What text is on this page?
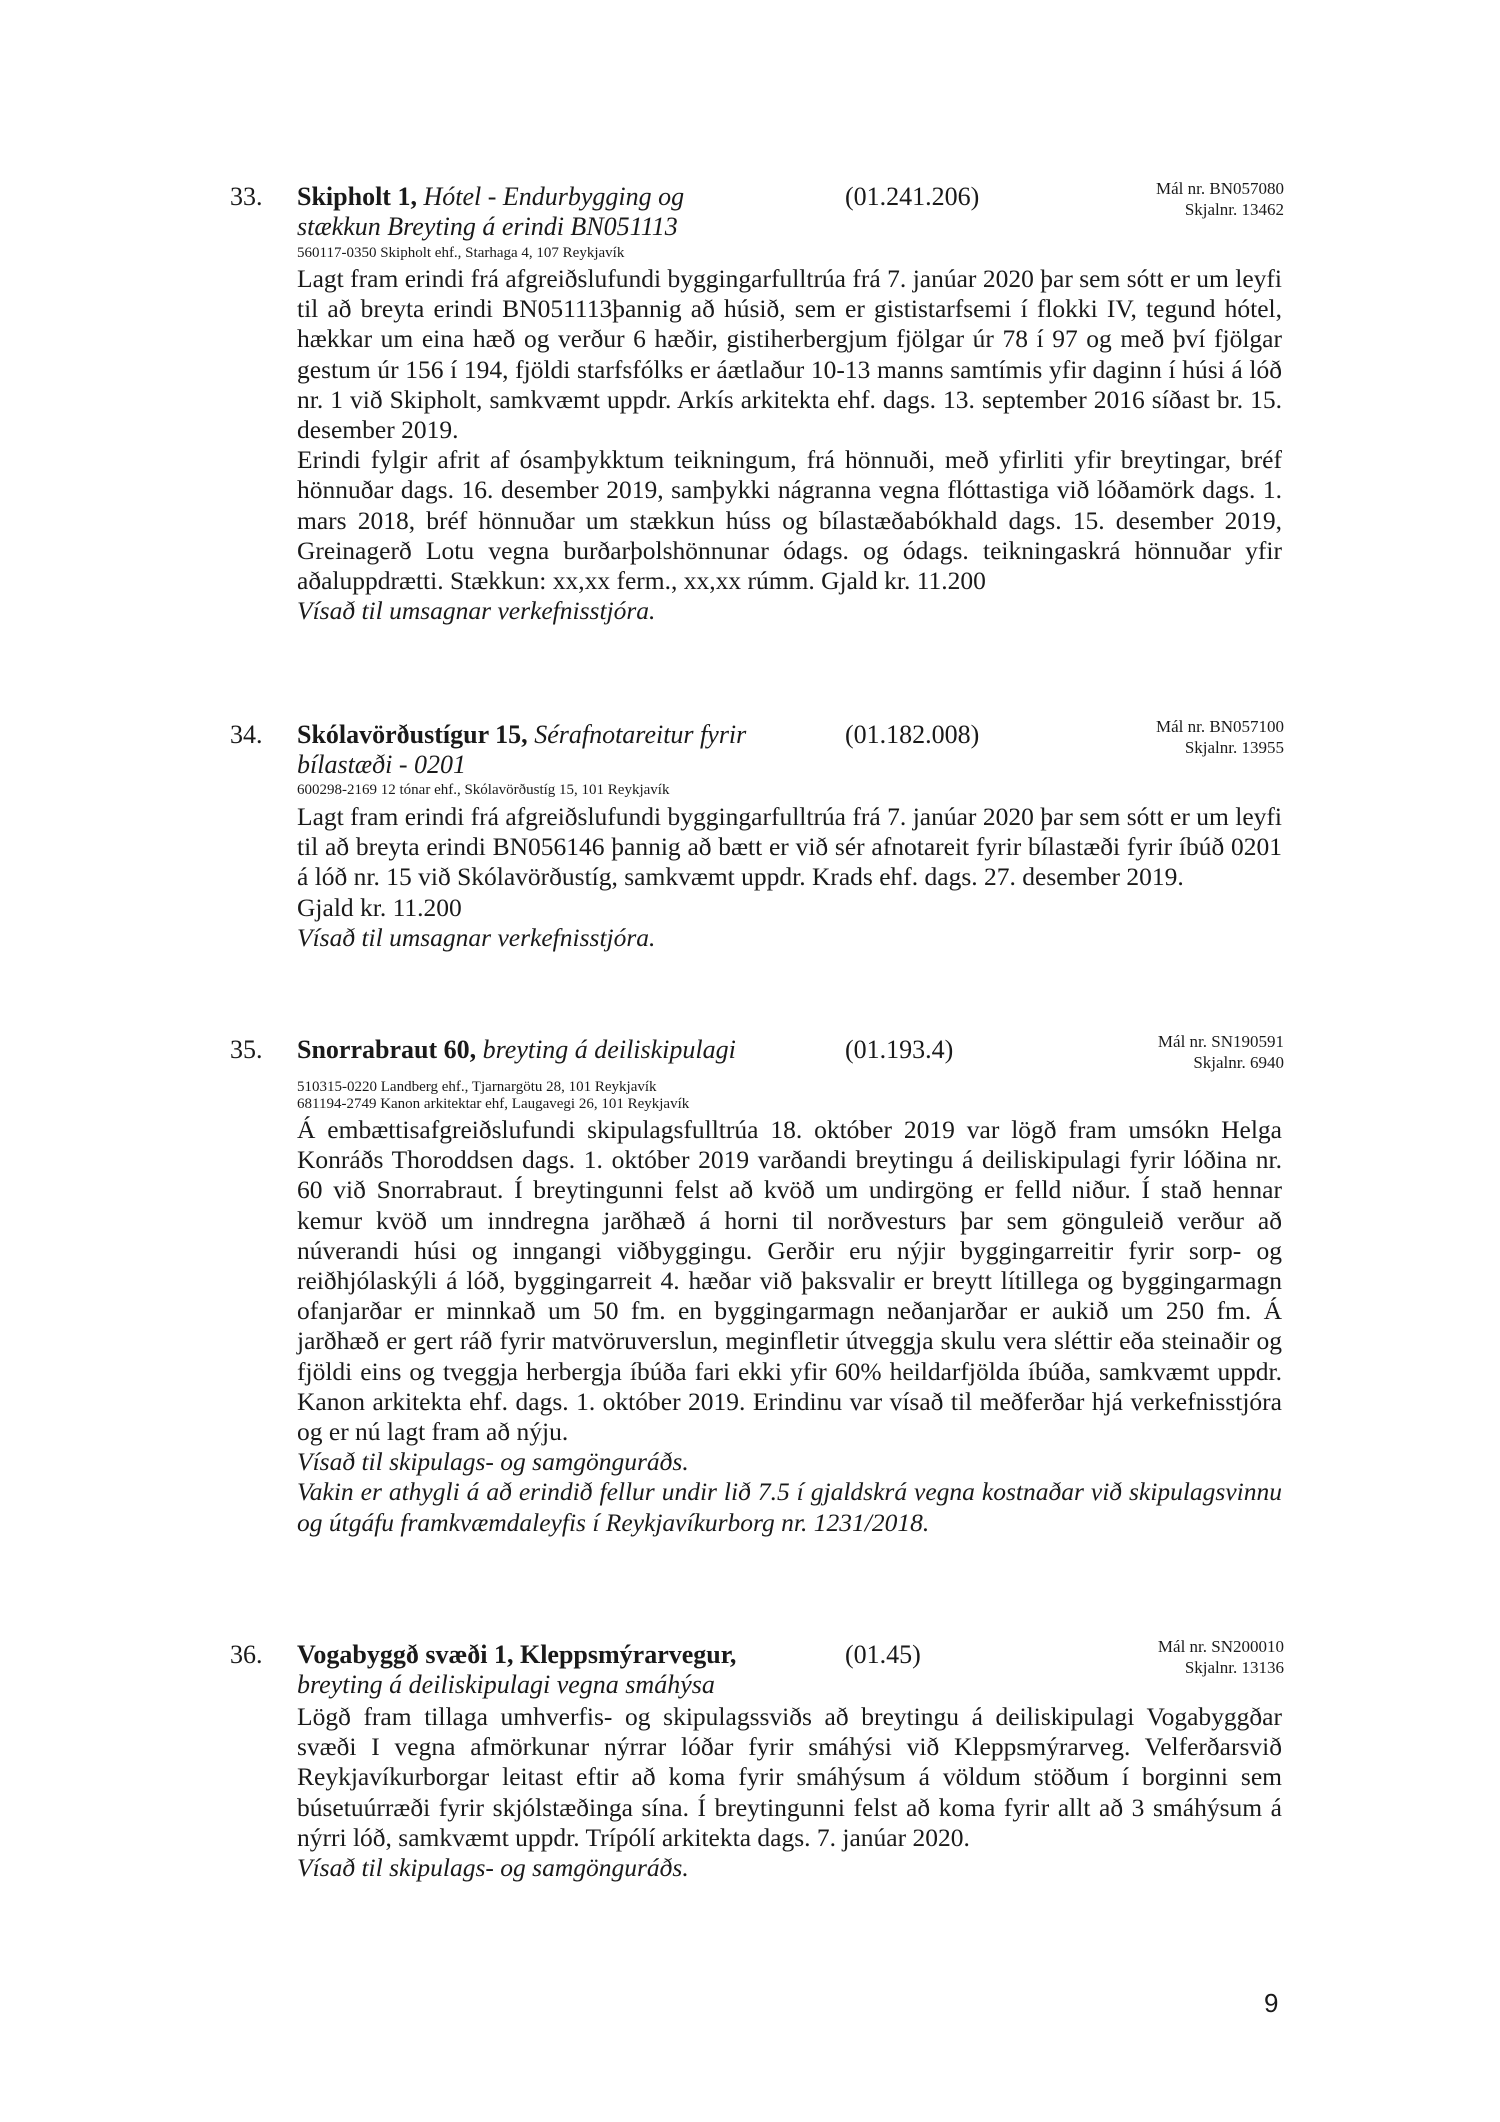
33. Skipholt 1, Hótel - Endurbygging og
stækkun Breyting á erindi BN051113
(01.241.206)	Mál nr. BN057080
Skjalnr. 13462
560117-0350 Skipholt ehf., Starhaga 4, 107 Reykjavík

Lagt fram erindi frá afgreiðslufundi byggingarfulltrúa frá 7. janúar 2020 þar sem sótt er um leyfi til að breyta erindi BN051113þannig að húsið, sem er gististarfsemi í flokki IV, tegund hótel, hækkar um eina hæð og verður 6 hæðir, gistiherbergjum fjölgar úr 78 í 97 og með því fjölgar gestum úr 156 í 194, fjöldi starfsfólks er áætlaður 10-13 manns samtímis yfir daginn í húsi á lóð nr. 1 við Skipholt, samkvæmt uppdr. Arkís arkitekta ehf. dags. 13. september 2016 síðast br. 15. desember 2019.

Erindi fylgir afrit af ósamþykktum teikningum, frá hönnuði, með yfirliti yfir breytingar, bréf hönnuðar dags. 16. desember 2019, samþykki nágranna vegna flóttastiga við lóðamörk dags. 1. mars 2018, bréf hönnuðar um stækkun húss og bílastæðabókhald dags. 15. desember 2019, Greinagerð Lotu vegna burðarþolshönnunar ódags. og ódags. teikningaskrá hönnuðar yfir aðaluppdrætti. Stækkun: xx,xx ferm., xx,xx rúmm. Gjald kr. 11.200

Vísað til umsagnar verkefnisstjóra.

34. Skólavörðustígur 15, Sérafnotareitur fyrir
bílastæði - 0201
(01.182.008)	Mál nr. BN057100
Skjalnr. 13955
600298-2169 12 tónar ehf., Skólavörðustíg 15, 101 Reykjavík

Lagt fram erindi frá afgreiðslufundi byggingarfulltrúa frá 7. janúar 2020 þar sem sótt er um leyfi til að breyta erindi BN056146 þannig að bætt er við sér afnotareit fyrir bílastæði fyrir íbúð 0201 á lóð nr. 15 við Skólavörðustíg, samkvæmt uppdr. Krads ehf. dags. 27. desember 2019.

Gjald kr. 11.200

Vísað til umsagnar verkefnisstjóra.

35. Snorrabraut 60, breyting á deiliskipulagi	(01.193.4)	Mál nr. SN190591
Skjalnr. 6940
510315-0220 Landberg ehf., Tjarnargötu 28, 101 Reykjavík
681194-2749 Kanon arkitektar ehf, Laugavegi 26, 101 Reykjavík

Á embættisafgreiðslufundi skipulagsfulltrúa 18. október 2019 var lögð fram umsókn Helga Konráðs Thoroddsen dags. 1. október 2019 varðandi breytingu á deiliskipulagi fyrir lóðina nr. 60 við Snorrabraut. Í breytingunni felst að kvöð um undirgöng er felld niður. Í stað hennar kemur kvöð um inndregna jarðhæð á horni til norðvesturs þar sem gönguleið verður að núverandi húsi og inngangi viðbyggingu. Gerðir eru nýjir byggingarreitir fyrir sorp- og reiðhjólaskýli á lóð, byggingarreit 4. hæðar við þaksvalir er breytt lítillega og byggingarmagn ofanjarðar er minnkað um 50 fm. en byggingarmagn neðanjarðar er aukið um 250 fm. Á jarðhæð er gert ráð fyrir matvöruverslun, meginfletir útveggja skulu vera sléttir eða steinaðir og fjöldi eins og tveggja herbergja íbúða fari ekki yfir 60% heildarfjölda íbúða, samkvæmt uppdr. Kanon arkitekta ehf. dags. 1. október 2019. Erindinu var vísað til meðferðar hjá verkefnisstjóra og er nú lagt fram að nýju.

Vísað til skipulags- og samgönguráðs.

Vakin er athygli á að erindið fellur undir lið 7.5 í gjaldskrá vegna kostnaðar við skipulagsvinnu og útgáfu framkvæmdaleyfis í Reykjavíkurborg nr. 1231/2018.

36. Vogabyggð svæði 1, Kleppsmýrarvegur,
breyting á deiliskipulagi vegna smáhýsa
(01.45)	Mál nr. SN200010
Skjalnr. 13136

Lögð fram tillaga umhverfis- og skipulagssviðs að breytingu á deiliskipulagi Vogabyggðar svæði I vegna afmörkunar nýrrar lóðar fyrir smáhýsi við Kleppsmýrarveg. Velferðarsvið Reykjavíkurborgar leitast eftir að koma fyrir smáhýsum á völdum stöðum í borginni sem búsetuúrræði fyrir skjólstæðinga sína. Í breytingunni felst að koma fyrir allt að 3 smáhýsum á nýrri lóð, samkvæmt uppdr. Trípólí arkitekta dags. 7. janúar 2020.

Vísað til skipulags- og samgönguráðs.

9
